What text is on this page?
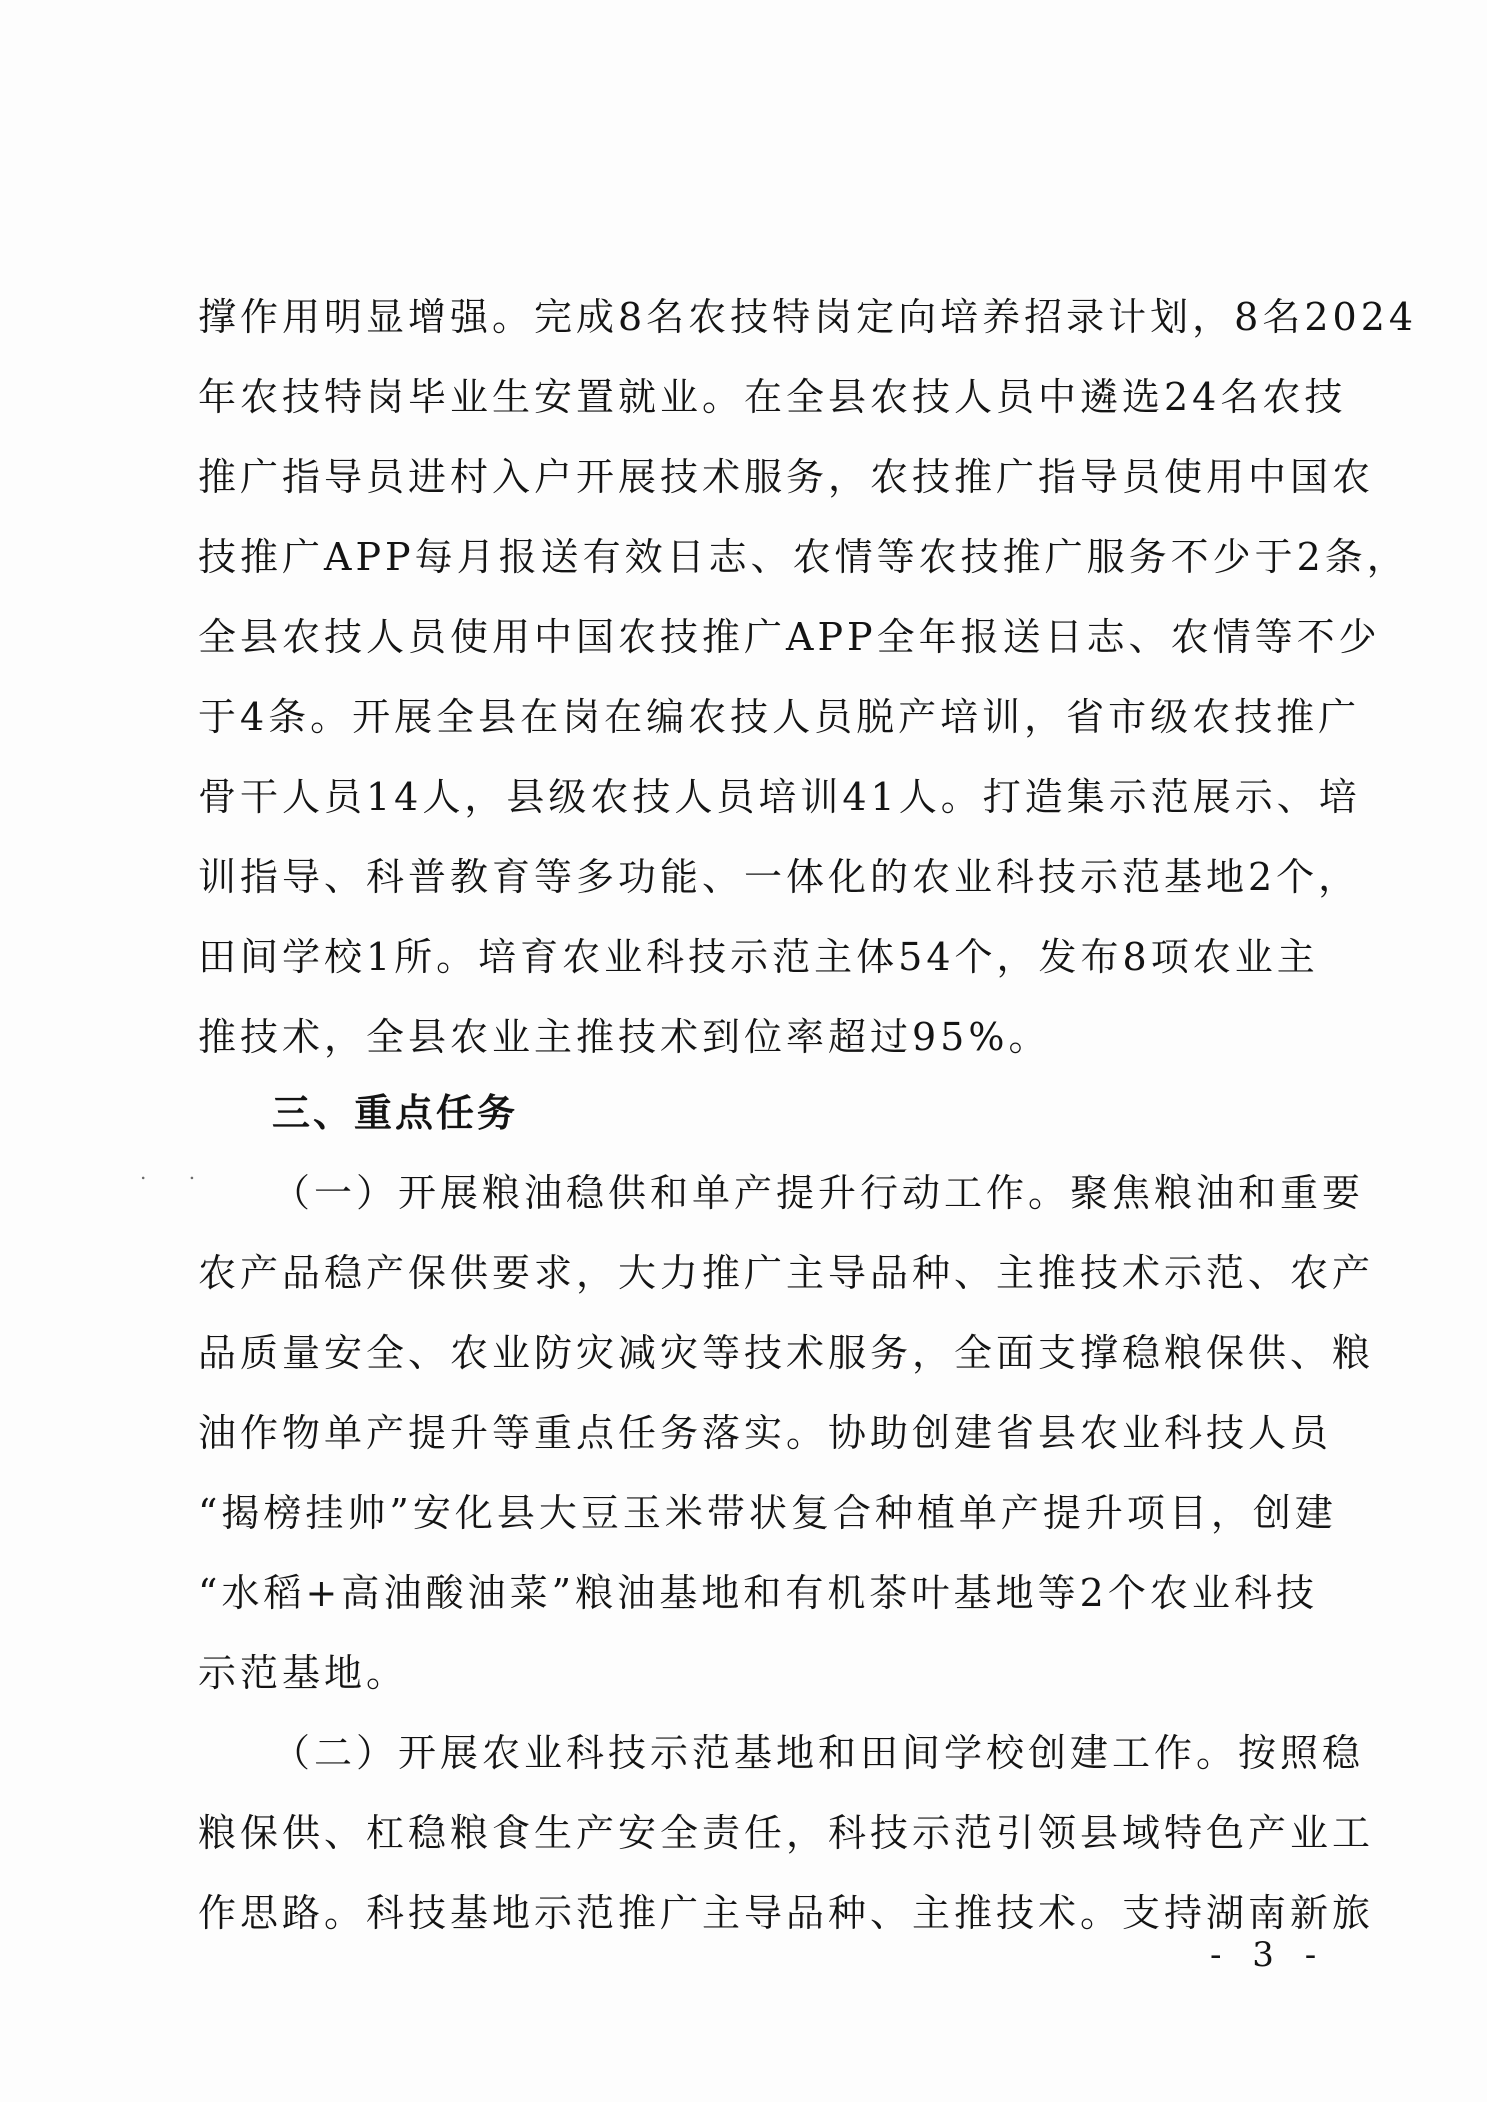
撑作用明显增强。完成8名农技特岗定向培养招录计划，8名2024
年农技特岗毕业生安置就业。在全县农技人员中遴选24名农技
推广指导员进村入户开展技术服务，农技推广指导员使用中国农
技推广APP每月报送有效日志、农情等农技推广服务不少于2条，
全县农技人员使用中国农技推广APP全年报送日志、农情等不少
于4条。开展全县在岗在编农技人员脱产培训，省市级农技推广
骨干人员14人，县级农技人员培训41人。打造集示范展示、培
训指导、科普教育等多功能、一体化的农业科技示范基地2个，
田间学校1所。培育农业科技示范主体54个，发布8项农业主
推技术，全县农业主推技术到位率超过95%。
三、重点任务
. . （一）开展粮油稳供和单产提升行动工作。聚焦粮油和重要
农产品稳产保供要求，大力推广主导品种、主推技术示范、农产
品质量安全、农业防灾减灾等技术服务，全面支撑稳粮保供、粮
油作物单产提升等重点任务落实。协助创建省县农业科技人员
“揭榜挂帅”安化县大豆玉米带状复合种植单产提升项目，创建
“水稻+高油酸油菜”粮油基地和有机茶叶基地等2个农业科技
示范基地。
（二）开展农业科技示范基地和田间学校创建工作。按照稳
粮保供、杠稳粮食生产安全责任，科技示范引领县域特色产业工
作思路。科技基地示范推广主导品种、主推技术。支持湖南新旅
- 3 -
